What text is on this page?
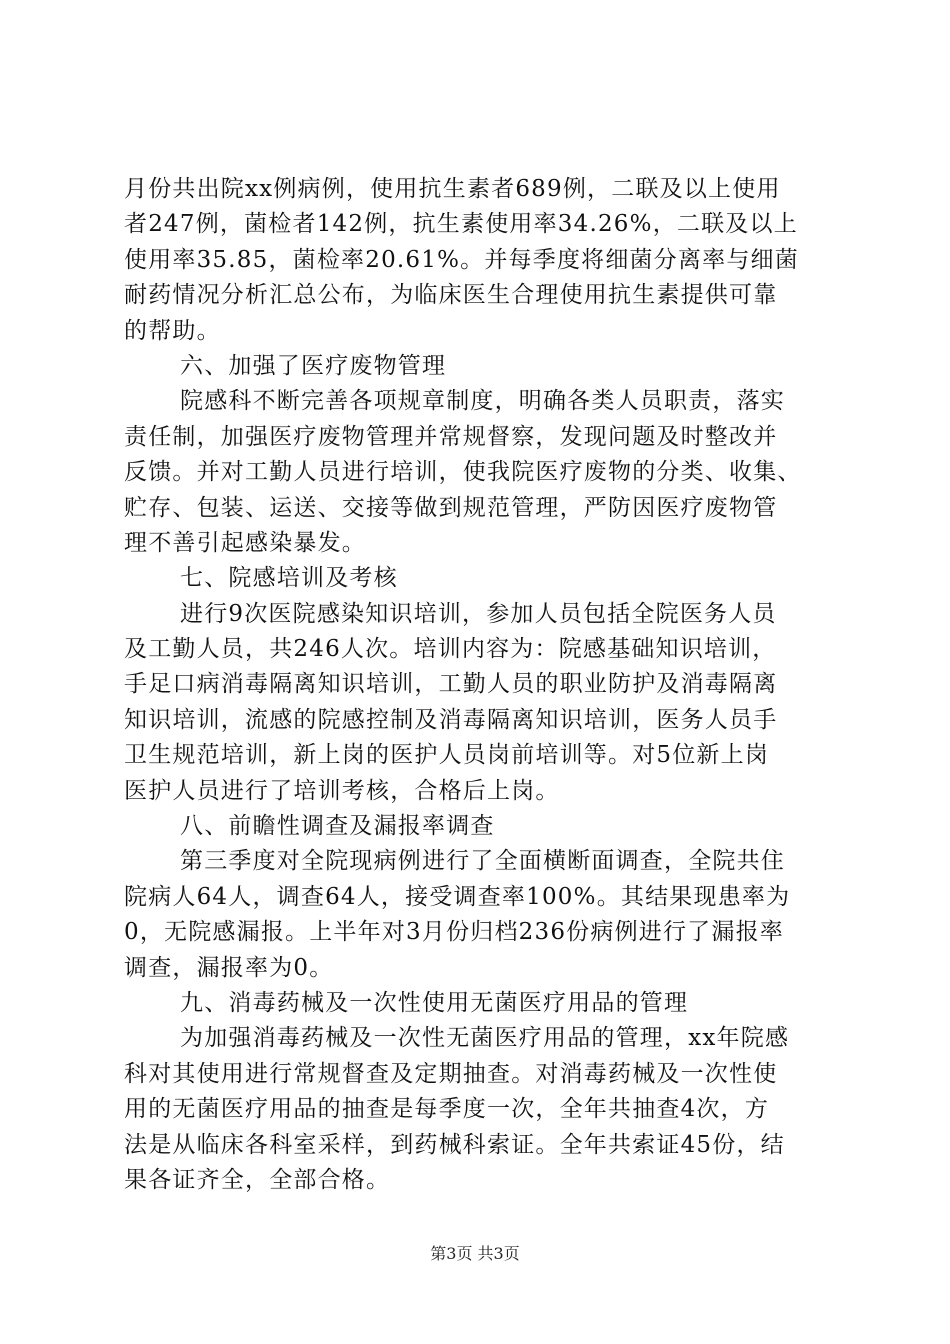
月份共出院xx例病例，使用抗生素者689例，二联及以上使用
者247例，菌检者142例，抗生素使用率34.26%，二联及以上
使用率35.85，菌检率20.61%。并每季度将细菌分离率与细菌
耐药情况分析汇总公布，为临床医生合理使用抗生素提供可靠
的帮助。
六、加强了医疗废物管理
院感科不断完善各项规章制度，明确各类人员职责，落实
责任制，加强医疗废物管理并常规督察，发现问题及时整改并
反馈。并对工勤人员进行培训，使我院医疗废物的分类、收集、
贮存、包装、运送、交接等做到规范管理，严防因医疗废物管
理不善引起感染暴发。
七、院感培训及考核
进行9次医院感染知识培训，参加人员包括全院医务人员
及工勤人员，共246人次。培训内容为：院感基础知识培训，
手足口病消毒隔离知识培训，工勤人员的职业防护及消毒隔离
知识培训，流感的院感控制及消毒隔离知识培训，医务人员手
卫生规范培训，新上岗的医护人员岗前培训等。对5位新上岗
医护人员进行了培训考核，合格后上岗。
八、前瞻性调查及漏报率调查
第三季度对全院现病例进行了全面横断面调查，全院共住
院病人64人，调查64人，接受调查率100%。其结果现患率为
0，无院感漏报。上半年对3月份归档236份病例进行了漏报率
调查，漏报率为0。
九、消毒药械及一次性使用无菌医疗用品的管理
为加强消毒药械及一次性无菌医疗用品的管理，xx年院感
科对其使用进行常规督查及定期抽查。对消毒药械及一次性使
用的无菌医疗用品的抽查是每季度一次，全年共抽查4次，方
法是从临床各科室采样，到药械科索证。全年共索证45份，结
果各证齐全，全部合格。
第3页 共3页
